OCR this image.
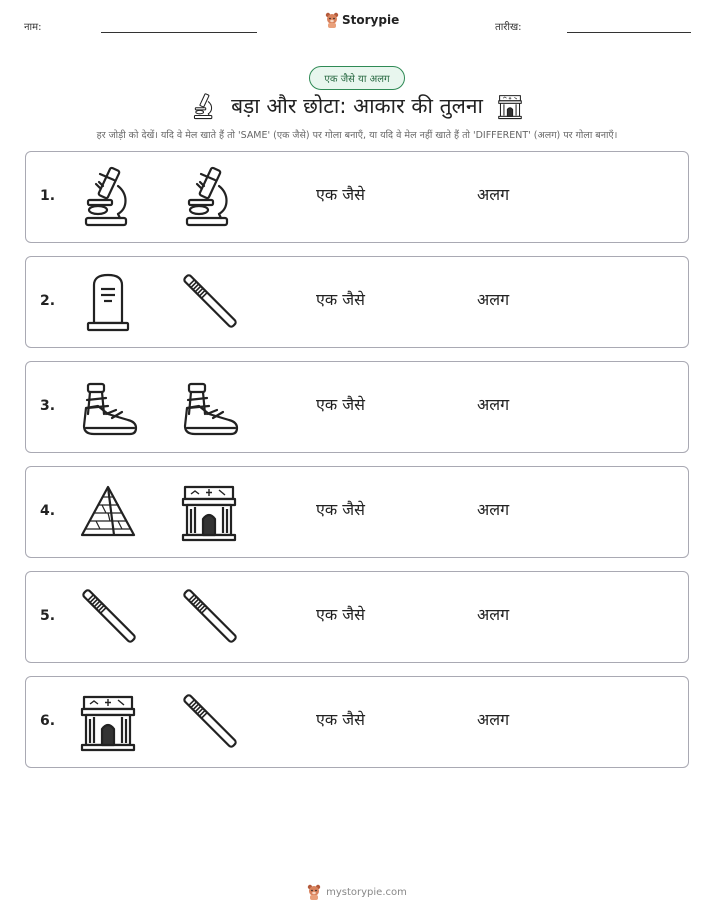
नाम:
Storypie
तारीख:
एक जैसे या अलग
बड़ा और छोटा: आकार की तुलना

हर जोड़ी को देखें। यदि वे मेल खाते हैं तो 'SAME' (एक जैसे) पर गोला बनाएँ, या यदि वे मेल नहीं खाते हैं तो 'DIFFERENT' (अलग) पर गोला बनाएँ।

1.	एक जैसे	अलग
2.	एक जैसे	अलग
3.	एक जैसे	अलग
4.	एक जैसे	अलग
5.	एक जैसे	अलग
6.	एक जैसे	अलग
mystorypie.com
